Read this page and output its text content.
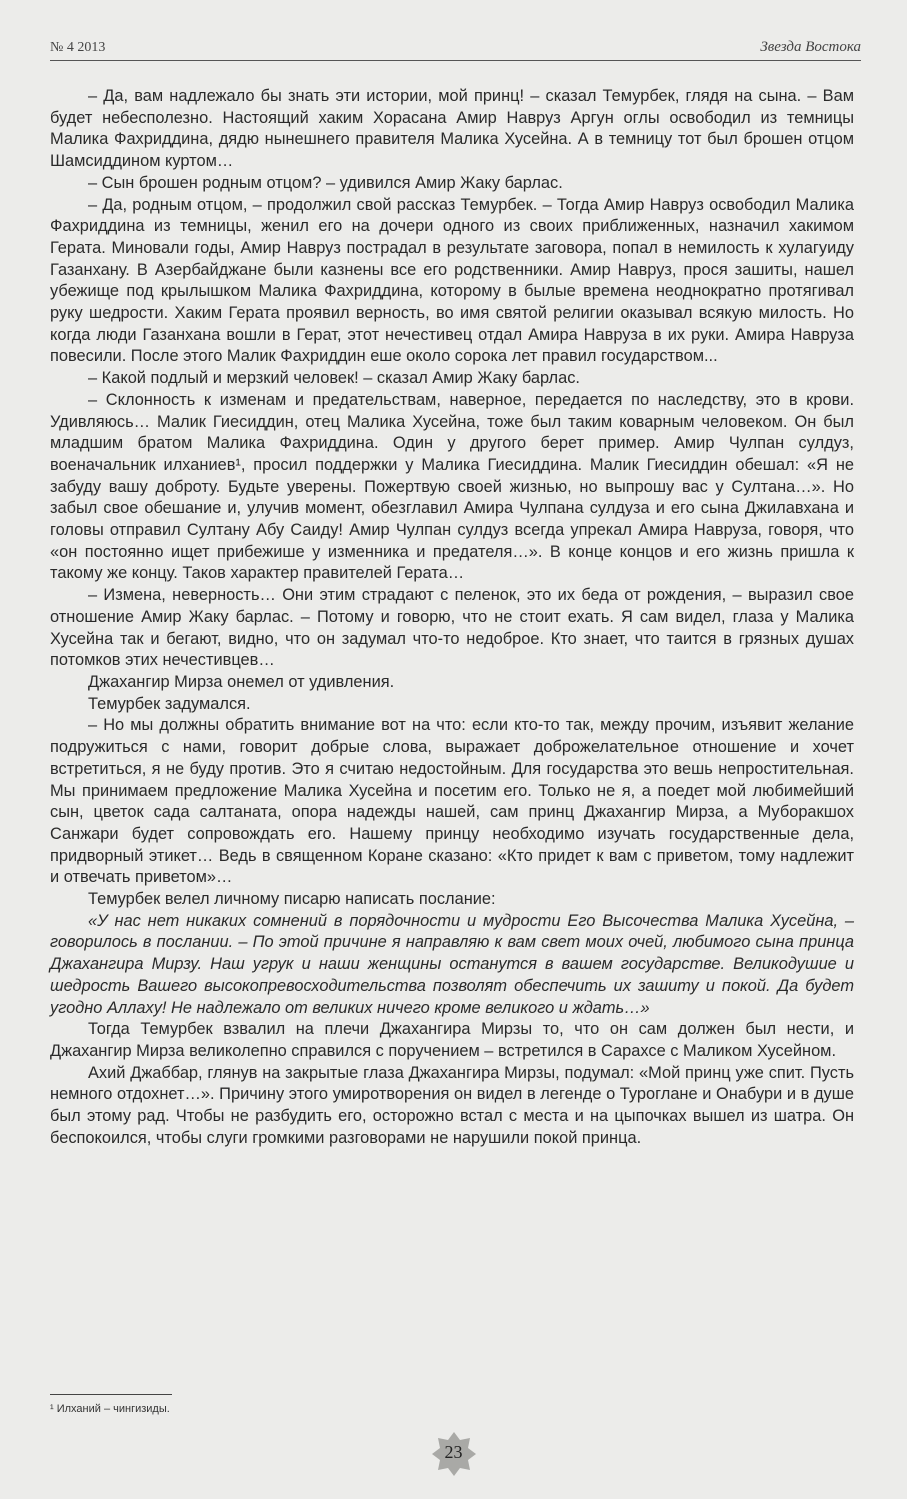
№ 4 2013	Звезда Востока

– Да, вам надлежало бы знать эти истории, мой принц! – сказал Темурбек, глядя на сына. – Вам будет небесполезно. Настоящий хаким Хорасана Амир Навруз Аргун оглы освободил из темницы Малика Фахриддина, дядю нынешнего правителя Малика Хусейна. А в темницу тот был брошен отцом Шамсиддином куртом…

– Сын брошен родным отцом? – удивился Амир Жаку барлас.

– Да, родным отцом, – продолжил свой рассказ Темурбек. – Тогда Амир Навруз освободил Малика Фахриддина из темницы, женил его на дочери одного из своих приближенных, назначил хакимом Герата. Миновали годы, Амир Навруз пострадал в результате заговора, попал в немилость к хулагуиду Газанхану. В Азербайджане были казнены все его родственники. Амир Навруз, прося зашиты, нашел убежище под крылышком Малика Фахриддина, которому в былые времена неоднократно протягивал руку шедрости. Хаким Герата проявил верность, во имя святой религии оказывал всякую милость. Но когда люди Газанхана вошли в Герат, этот нечестивец отдал Амира Навруза в их руки. Амира Навруза повесили. После этого Малик Фахриддин еше около сорока лет правил государством...

– Какой подлый и мерзкий человек! – сказал Амир Жаку барлас.

– Склонность к изменам и предательствам, наверное, передается по наследству, это в крови. Удивляюсь… Малик Гиесиддин, отец Малика Хусейна, тоже был таким коварным человеком. Он был младшим братом Малика Фахриддина. Один у другого берет пример. Амир Чулпан сулдуз, военачальник илханиев¹, просил поддержки у Малика Гиесиддина. Малик Гиесиддин обешал: «Я не забуду вашу доброту. Будьте уверены. Пожертвую своей жизнью, но выпрошу вас у Султана…». Но забыл свое обешание и, улучив момент, обезглавил Амира Чулпана сулдуза и его сына Джилавхана и головы отправил Султану Абу Саиду! Амир Чулпан сулдуз всегда упрекал Амира Навруза, говоря, что «он постоянно ищет прибежише у изменника и предателя…». В конце концов и его жизнь пришла к такому же концу. Таков характер правителей Герата…

– Измена, неверность… Они этим страдают с пеленок, это их беда от рождения, – выразил свое отношение Амир Жаку барлас. – Потому и говорю, что не стоит ехать. Я сам видел, глаза у Малика Хусейна так и бегают, видно, что он задумал что-то недоброе. Кто знает, что таится в грязных душах потомков этих нечестивцев…

Джахангир Мирза онемел от удивления.

Темурбек задумался.

– Но мы должны обратить внимание вот на что: если кто-то так, между прочим, изъявит желание подружиться с нами, говорит добрые слова, выражает доброжелательное отношение и хочет встретиться, я не буду против. Это я считаю недостойным. Для государства это вешь непростительная. Мы принимаем предложение Малика Хусейна и посетим его. Только не я, а поедет мой любимейший сын, цветок сада салтаната, опора надежды нашей, сам принц Джахангир Мирза, а Муборакшох Санжари будет сопровождать его. Нашему принцу необходимо изучать государственные дела, придворный этикет… Ведь в священном Коране сказано: «Кто придет к вам с приветом, тому надлежит и отвечать приветом»…

Темурбек велел личному писарю написать послание:

«У нас нет никаких сомнений в порядочности и мудрости Его Высочества Малика Хусейна, – говорилось в послании. – По этой причине я направляю к вам свет моих очей, любимого сына принца Джахангира Мирзу. Наш угрук и наши женщины останутся в вашем государстве. Великодушие и шедрость Вашего высокопревосходительства позволят обеспечить их зашиту и покой. Да будет угодно Аллаху! Не надлежало от великих ничего кроме великого и ждать…»

Тогда Темурбек взвалил на плечи Джахангира Мирзы то, что он сам должен был нести, и Джахангир Мирза великолепно справился с поручением – встретился в Сарахсе с Маликом Хусейном.

Ахий Джаббар, глянув на закрытые глаза Джахангира Мирзы, подумал: «Мой принц уже спит. Пусть немного отдохнет…». Причину этого умиротворения он видел в легенде о Туроглане и Онабури и в душе был этому рад. Чтобы не разбудить его, осторожно встал с места и на цыпочках вышел из шатра. Он беспокоился, чтобы слуги громкими разговорами не нарушили покой принца.

¹ Илханий – чингизиды.
23
